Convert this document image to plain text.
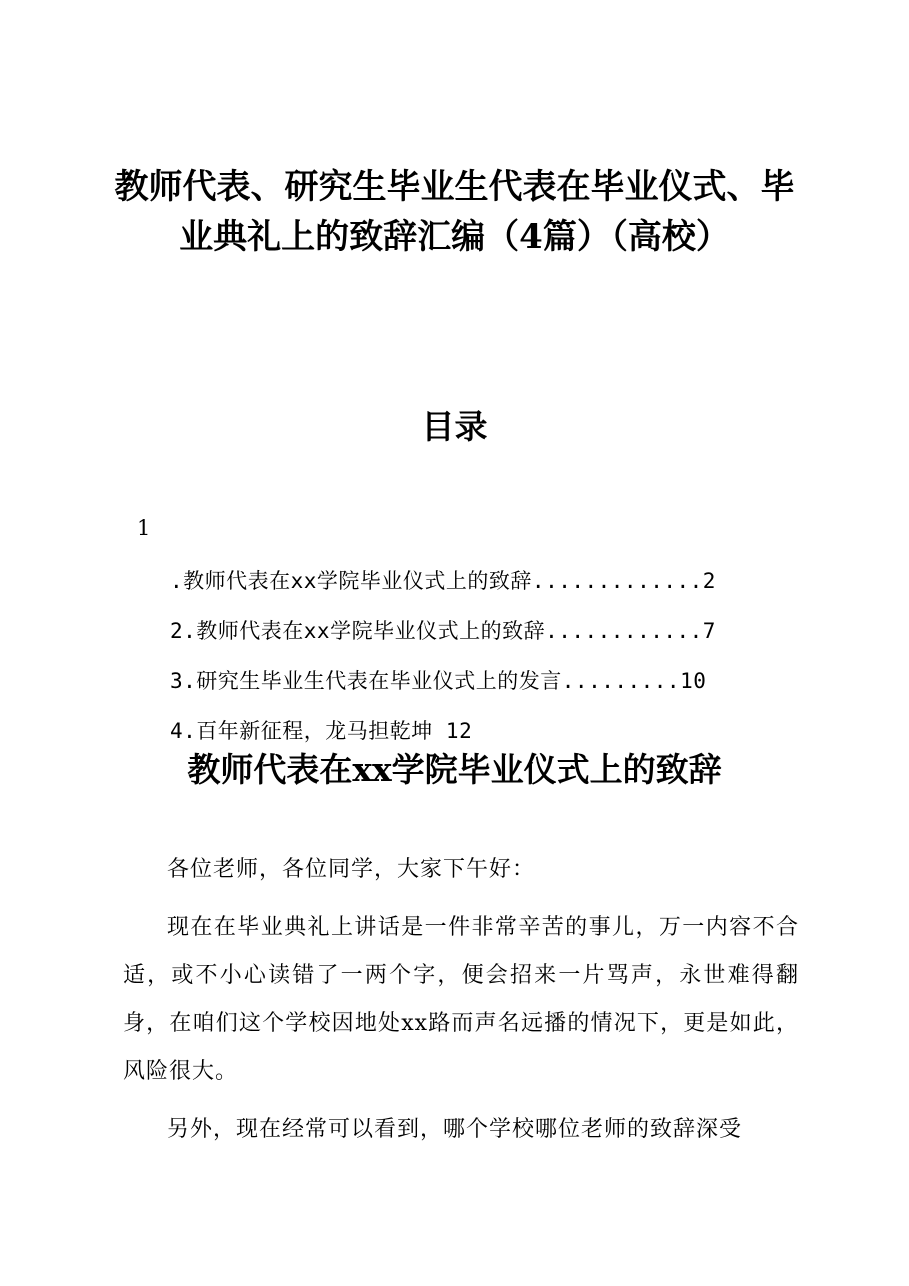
教师代表、研究生毕业生代表在毕业仪式、毕
业典礼上的致辞汇编（4篇）（高校）
目录
1
.教师代表在xx学院毕业仪式上的致辞.............2
2.教师代表在xx学院毕业仪式上的致辞............7
3.研究生毕业生代表在毕业仪式上的发言.........10
4.百年新征程，龙马担乾坤 12
教师代表在xx学院毕业仪式上的致辞

各位老师，各位同学，大家下午好：

现在在毕业典礼上讲话是一件非常辛苦的事儿，万一内容不合适，或不小心读错了一两个字，便会招来一片骂声，永世难得翻身，在咱们这个学校因地处xx路而声名远播的情况下，更是如此，风险很大。

另外，现在经常可以看到，哪个学校哪位老师的致辞深受
